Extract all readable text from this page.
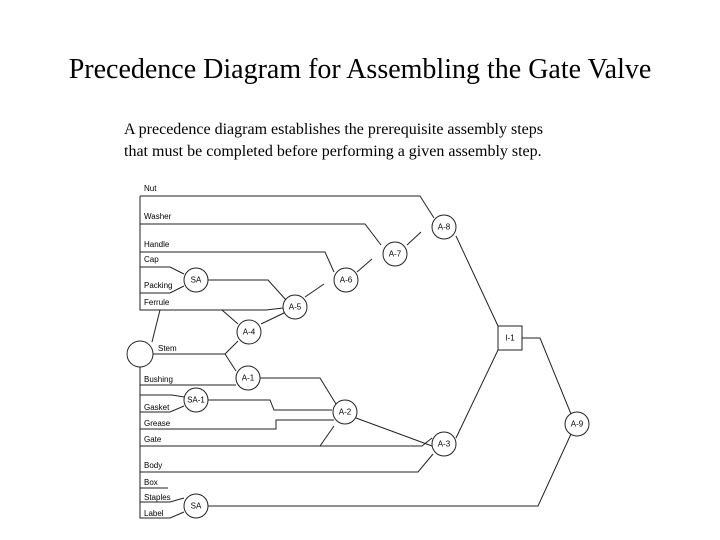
Precedence Diagram for Assembling the Gate Valve
A precedence diagram establishes the prerequisite assembly steps
that must be completed before performing a given assembly step.
Nut
Washer
Handle
Cap
Packing
Ferrule
Stem
Bushing
Gasket
Grease
Gate
Body
Box
Staples
Label
A-8
A-7
A-6
SA
A-5
A-4
A-1
SA-1
A-2
I-1
A-3
A-9
SA
